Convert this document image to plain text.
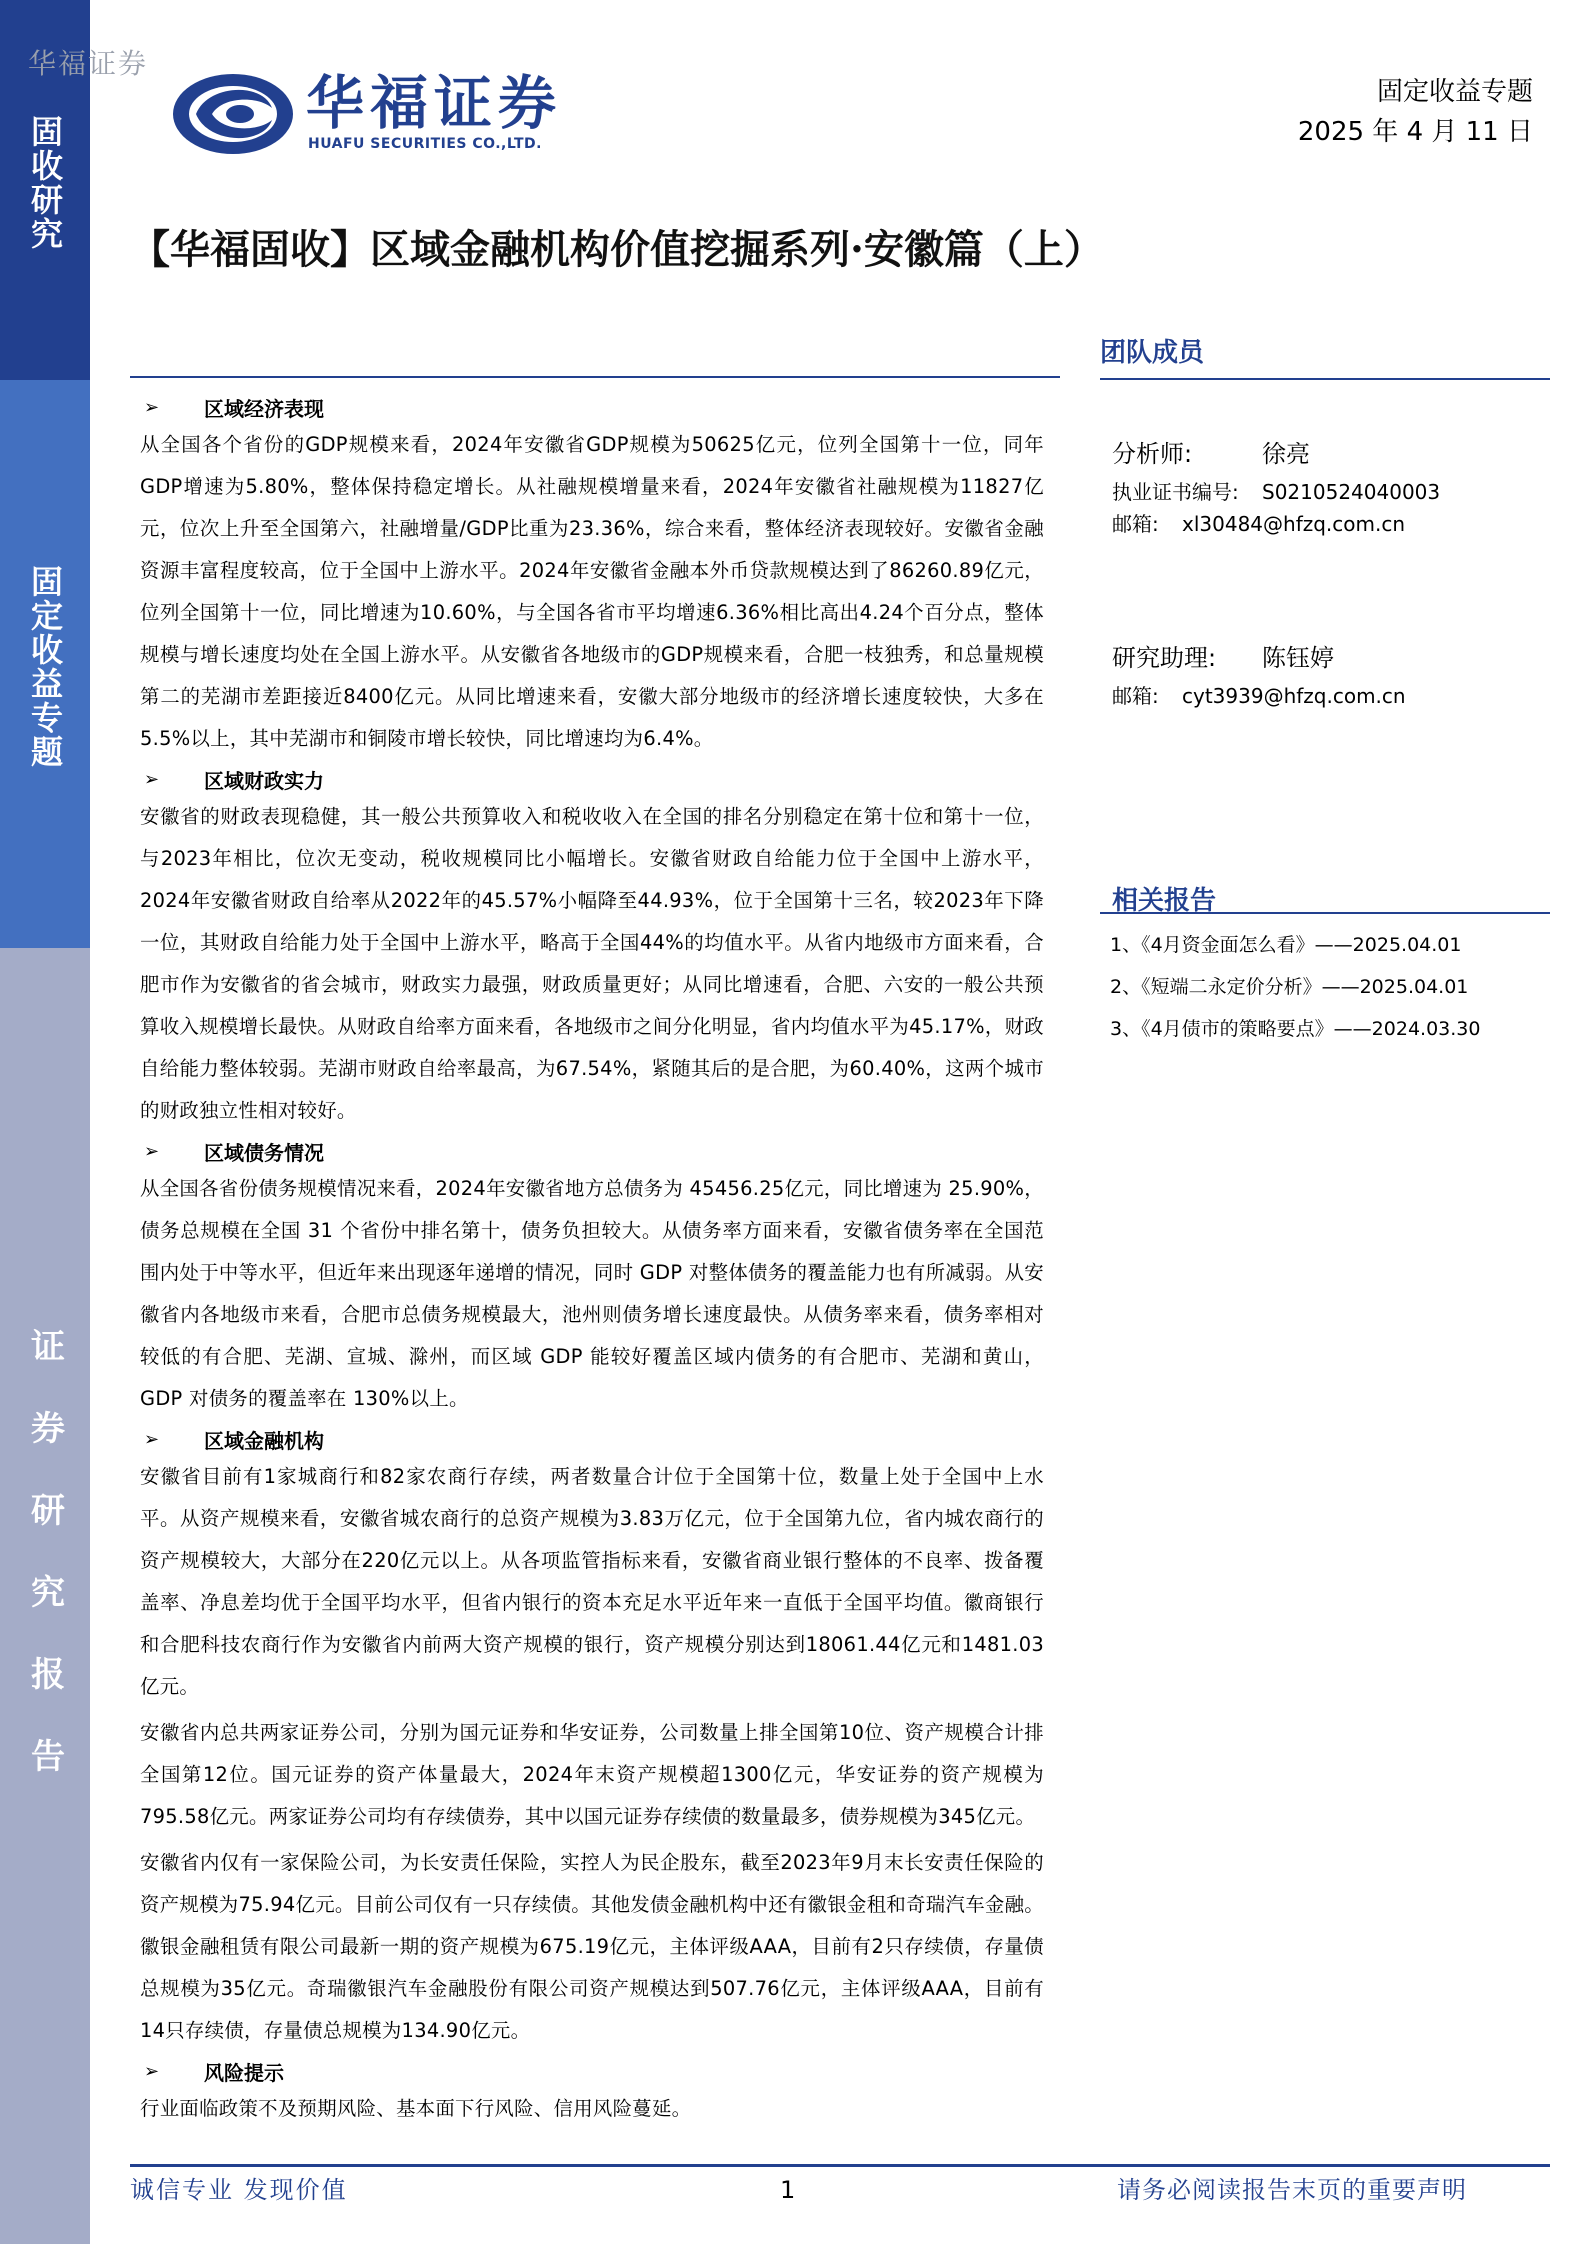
固收研究
固定收益专题
证券研究报告
华福证券
华福证券
HUAFU SECURITIES CO.,LTD.
固定收益专题
2025 年 4 月 11 日
【华福固收】区域金融机构价值挖掘系列·安徽篇（上）
➢	区域经济表现

从全国各个省份的GDP规模来看，2024年安徽省GDP规模为50625亿元，位列全国第十一位，同年GDP增速为5.80%，整体保持稳定增长。从社融规模增量来看，2024年安徽省社融规模为11827亿元，位次上升至全国第六，社融增量/GDP比重为23.36%，综合来看，整体经济表现较好。安徽省金融资源丰富程度较高，位于全国中上游水平。2024年安徽省金融本外币贷款规模达到了86260.89亿元，位列全国第十一位，同比增速为10.60%，与全国各省市平均增速6.36%相比高出4.24个百分点，整体规模与增长速度均处在全国上游水平。从安徽省各地级市的GDP规模来看，合肥一枝独秀，和总量规模第二的芜湖市差距接近8400亿元。从同比增速来看，安徽大部分地级市的经济增长速度较快，大多在5.5%以上，其中芜湖市和铜陵市增长较快，同比增速均为6.4%。

➢	区域财政实力

安徽省的财政表现稳健，其一般公共预算收入和税收收入在全国的排名分别稳定在第十位和第十一位，与2023年相比，位次无变动，税收规模同比小幅增长。安徽省财政自给能力位于全国中上游水平，2024年安徽省财政自给率从2022年的45.57%小幅降至44.93%，位于全国第十三名，较2023年下降一位，其财政自给能力处于全国中上游水平，略高于全国44%的均值水平。从省内地级市方面来看，合肥市作为安徽省的省会城市，财政实力最强，财政质量更好；从同比增速看，合肥、六安的一般公共预算收入规模增长最快。从财政自给率方面来看，各地级市之间分化明显，省内均值水平为45.17%，财政自给能力整体较弱。芜湖市财政自给率最高，为67.54%，紧随其后的是合肥，为60.40%，这两个城市的财政独立性相对较好。

➢	区域债务情况

从全国各省份债务规模情况来看，2024年安徽省地方总债务为 45456.25亿元，同比增速为 25.90%，债务总规模在全国 31 个省份中排名第十，债务负担较大。从债务率方面来看，安徽省债务率在全国范围内处于中等水平，但近年来出现逐年递增的情况，同时 GDP 对整体债务的覆盖能力也有所减弱。从安徽省内各地级市来看，合肥市总债务规模最大，池州则债务增长速度最快。从债务率来看，债务率相对较低的有合肥、芜湖、宣城、滁州，而区域 GDP 能较好覆盖区域内债务的有合肥市、芜湖和黄山，GDP 对债务的覆盖率在 130%以上。

➢	区域金融机构

安徽省目前有1家城商行和82家农商行存续，两者数量合计位于全国第十位，数量上处于全国中上水平。从资产规模来看，安徽省城农商行的总资产规模为3.83万亿元，位于全国第九位，省内城农商行的资产规模较大，大部分在220亿元以上。从各项监管指标来看，安徽省商业银行整体的不良率、拨备覆盖率、净息差均优于全国平均水平，但省内银行的资本充足水平近年来一直低于全国平均值。徽商银行和合肥科技农商行作为安徽省内前两大资产规模的银行，资产规模分别达到18061.44亿元和1481.03亿元。

安徽省内总共两家证券公司，分别为国元证券和华安证券，公司数量上排全国第10位、资产规模合计排全国第12位。国元证券的资产体量最大，2024年末资产规模超1300亿元，华安证券的资产规模为795.58亿元。两家证券公司均有存续债券，其中以国元证券存续债的数量最多，债券规模为345亿元。

安徽省内仅有一家保险公司，为长安责任保险，实控人为民企股东，截至2023年9月末长安责任保险的资产规模为75.94亿元。目前公司仅有一只存续债。其他发债金融机构中还有徽银金租和奇瑞汽车金融。徽银金融租赁有限公司最新一期的资产规模为675.19亿元，主体评级AAA，目前有2只存续债，存量债总规模为35亿元。奇瑞徽银汽车金融股份有限公司资产规模达到507.76亿元，主体评级AAA，目前有14只存续债，存量债总规模为134.90亿元。

➢	风险提示

行业面临政策不及预期风险、基本面下行风险、信用风险蔓延。

团队成员
分析师:	徐亮
执业证书编号:	S0210524040003
邮箱:	xl30484@hfzq.com.cn
研究助理:	陈钰婷
邮箱:	cyt3939@hfzq.com.cn
相关报告
1、《4月资金面怎么看》——2025.04.01
2、《短端二永定价分析》——2025.04.01
3、《4月债市的策略要点》——2024.03.30
诚信专业 发现价值	1	请务必阅读报告末页的重要声明
